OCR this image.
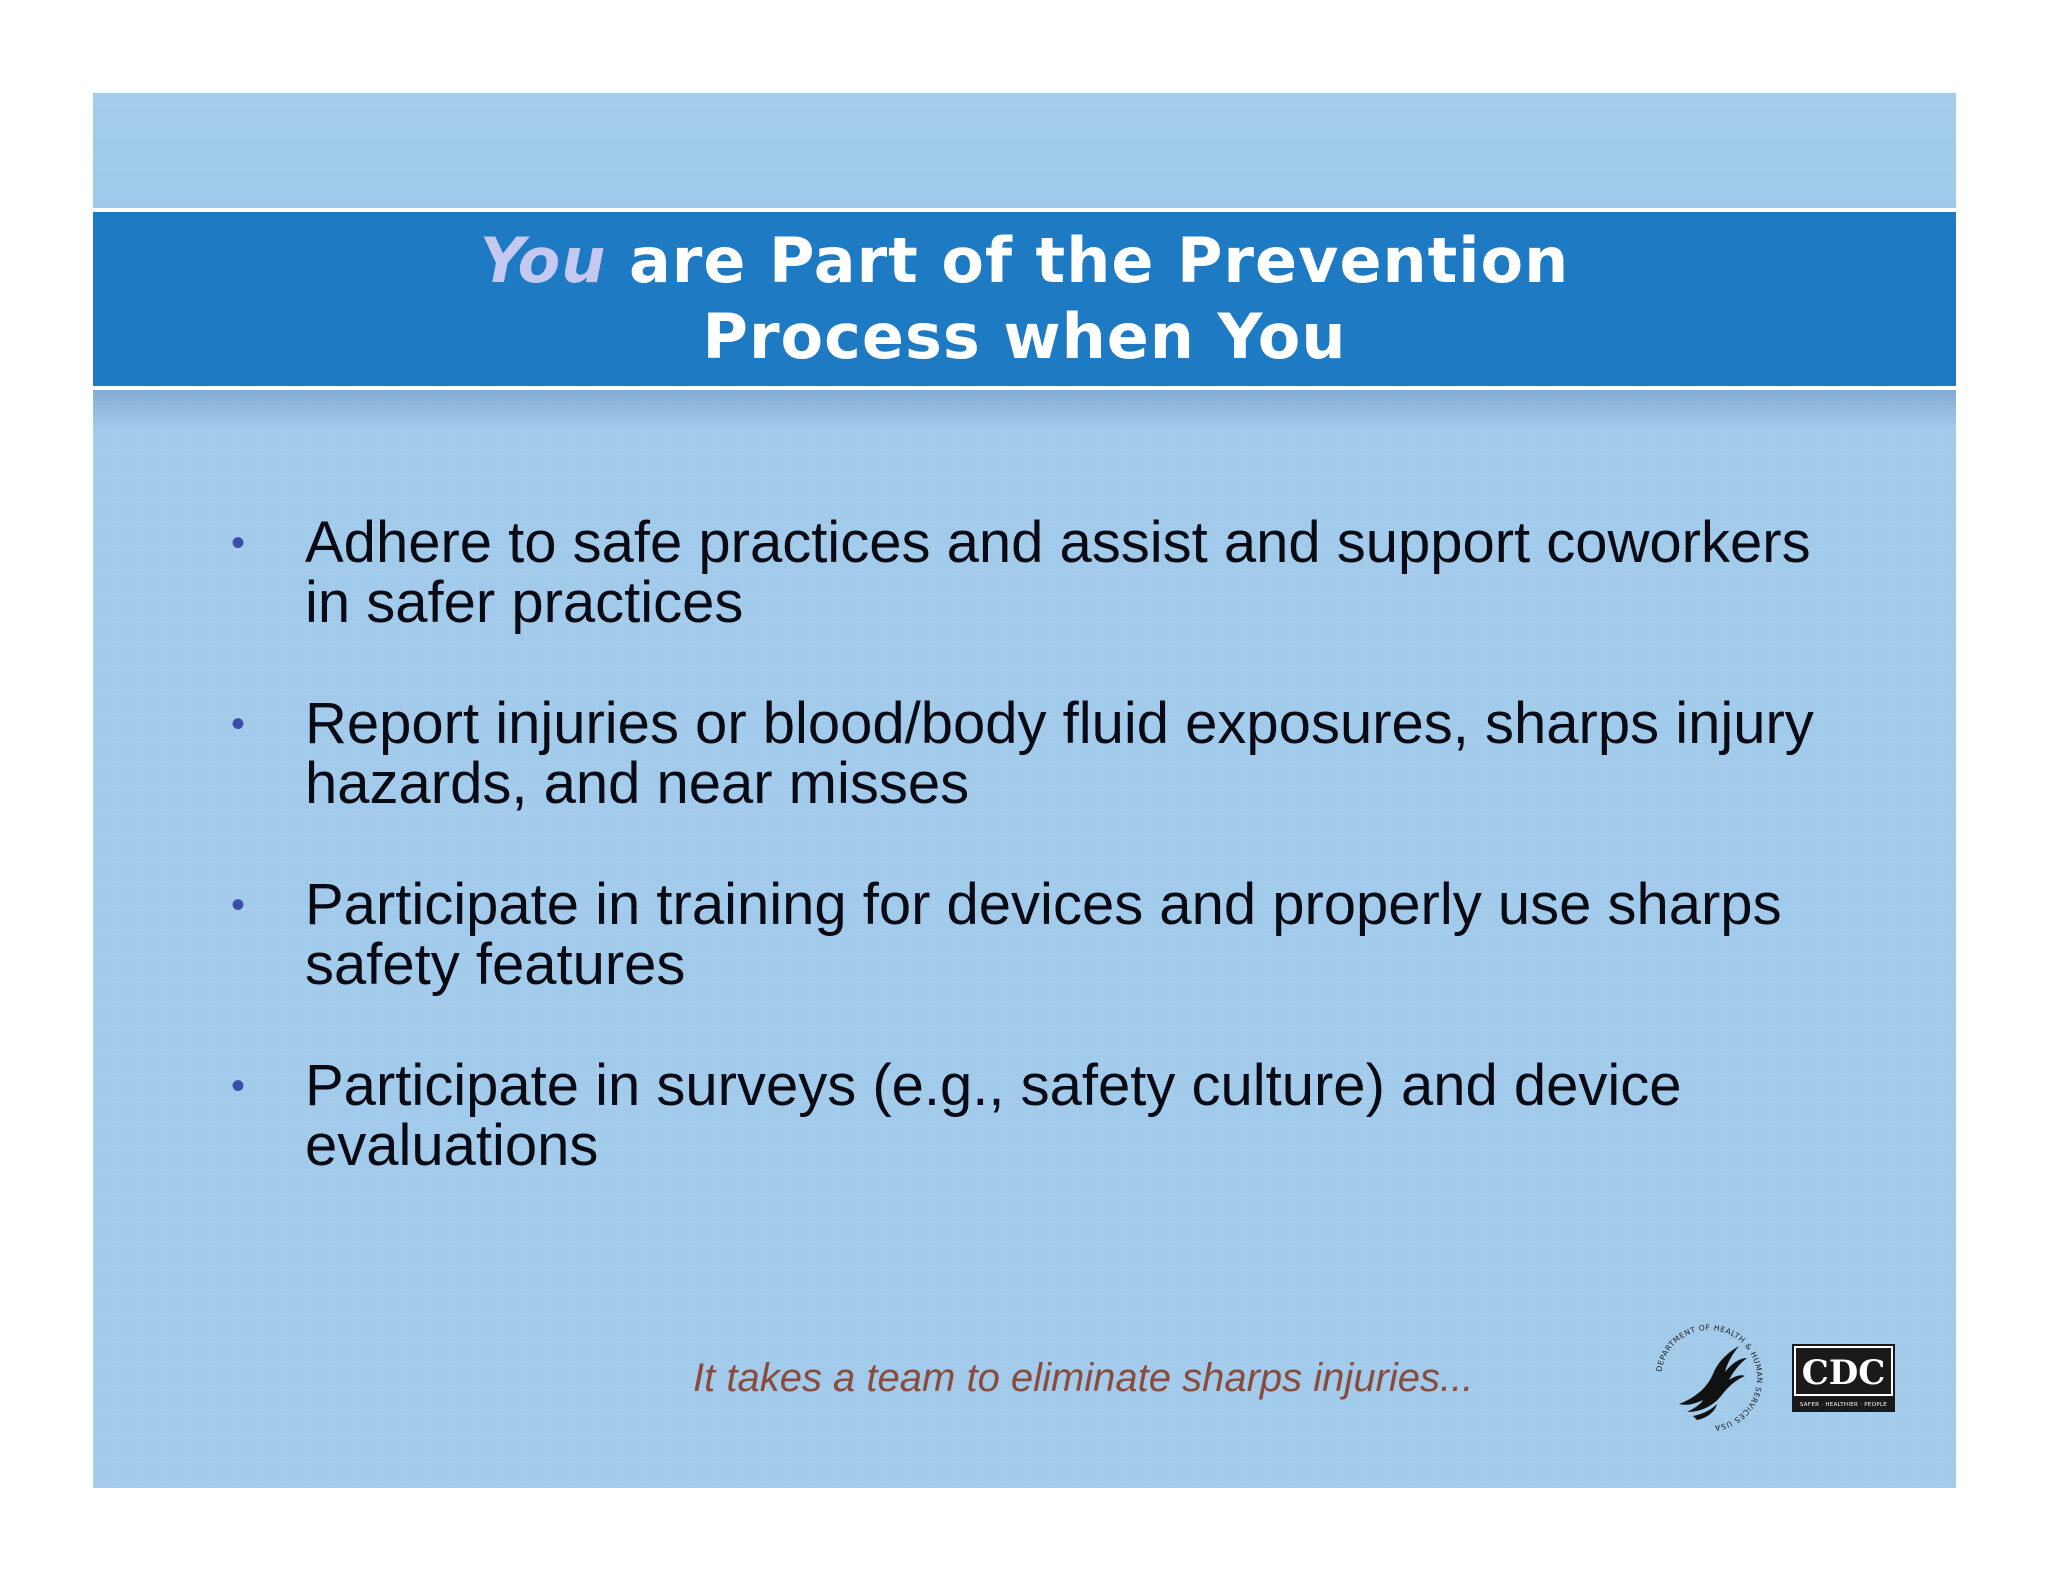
You are Part of the Prevention
Process when You
• Adhere to safe practices and assist and support coworkers in safer practices
• Report injuries or blood/body fluid exposures, sharps injury hazards, and near misses
• Participate in training for devices and properly use sharps safety features
• Participate in surveys (e.g., safety culture) and device evaluations
It takes a team to eliminate sharps injuries...	DEPARTMENT OF HEALTH & HUMAN SERVICES USA
CDC
SAFER · HEALTHIER · PEOPLE
